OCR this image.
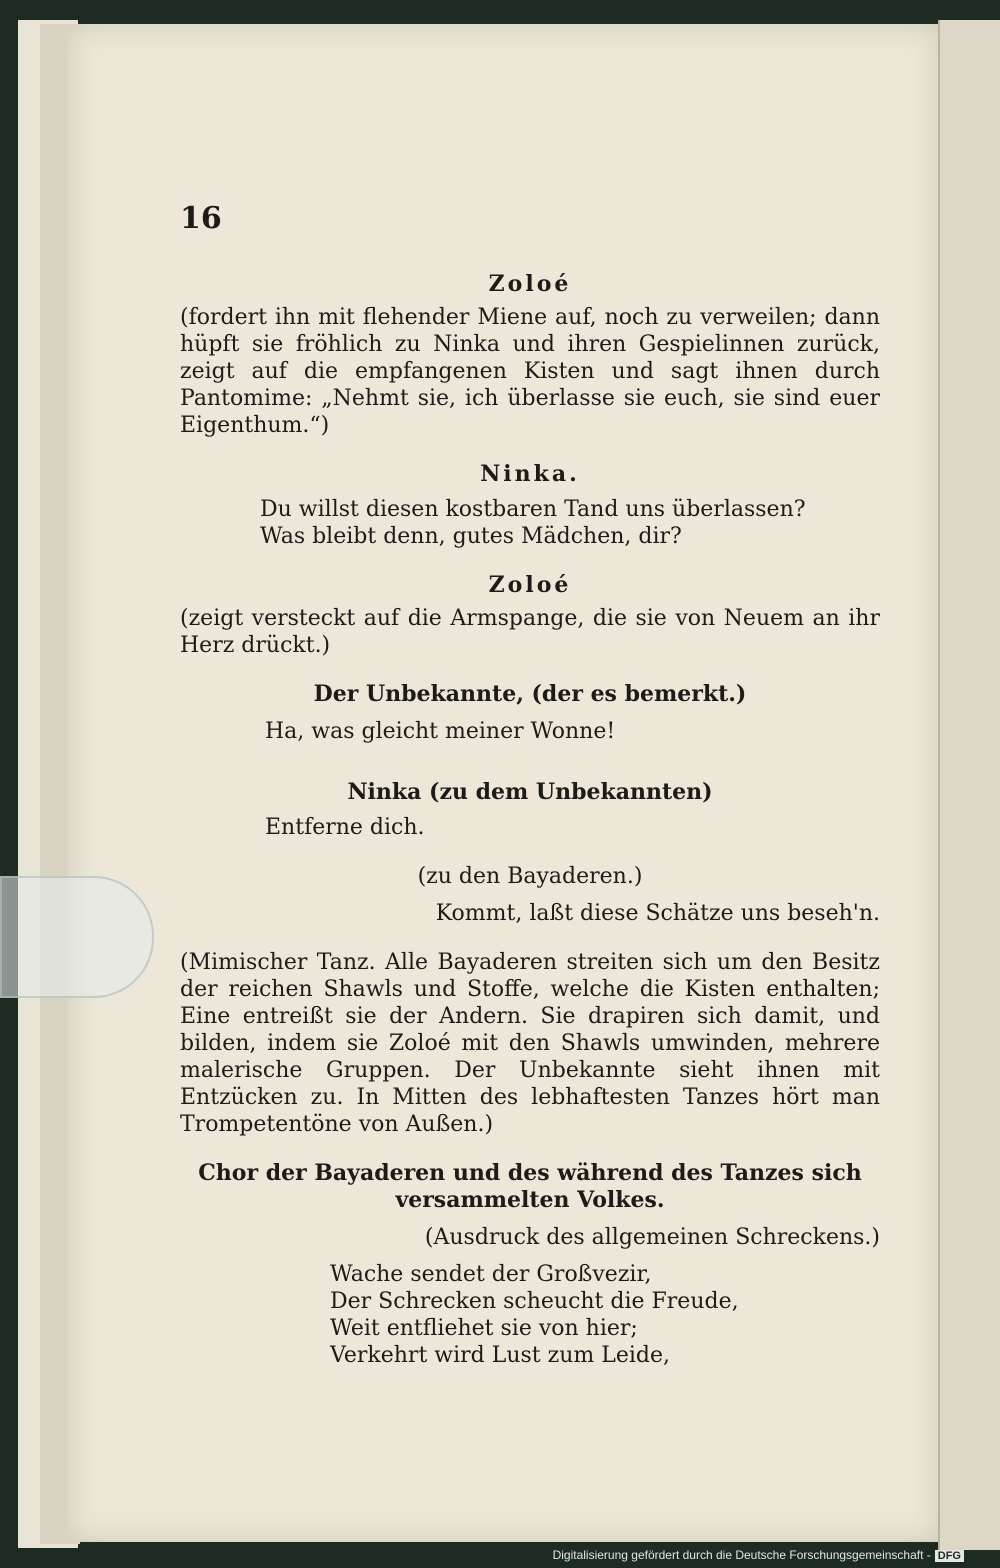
16
Zoloé
(fordert ihn mit flehender Miene auf, noch zu verweilen; dann hüpft sie fröhlich zu Ninka und ihren Gespielinnen zurück, zeigt auf die empfangenen Kisten und sagt ihnen durch Pantomime: „Nehmt sie, ich überlasse sie euch, sie sind euer Eigenthum.“)
Ninka.
Du willst diesen kostbaren Tand uns überlassen?
Was bleibt denn, gutes Mädchen, dir?
Zoloé
(zeigt versteckt auf die Armspange, die sie von Neuem an ihr Herz drückt.)
Der Unbekannte, (der es bemerkt.)
Ha, was gleicht meiner Wonne!
Ninka (zu dem Unbekannten)
Entferne dich.
(zu den Bayaderen.)
Kommt, laßt diese Schätze uns beseh'n.
(Mimischer Tanz. Alle Bayaderen streiten sich um den Besitz der reichen Shawls und Stoffe, welche die Kisten enthalten; Eine entreißt sie der Andern. Sie drapiren sich damit, und bilden, indem sie Zoloé mit den Shawls umwinden, mehrere malerische Gruppen. Der Unbekannte sieht ihnen mit Entzücken zu. In Mitten des lebhaftesten Tanzes hört man Trompetentöne von Außen.)
Chor der Bayaderen und des während des Tanzes sich versammelten Volkes.
(Ausdruck des allgemeinen Schreckens.)
Wache sendet der Großvezir,
Der Schrecken scheucht die Freude,
Weit entfliehet sie von hier;
Verkehrt wird Lust zum Leide,
Digitalisierung gefördert durch die Deutsche Forschungsgemeinschaft - DFG
